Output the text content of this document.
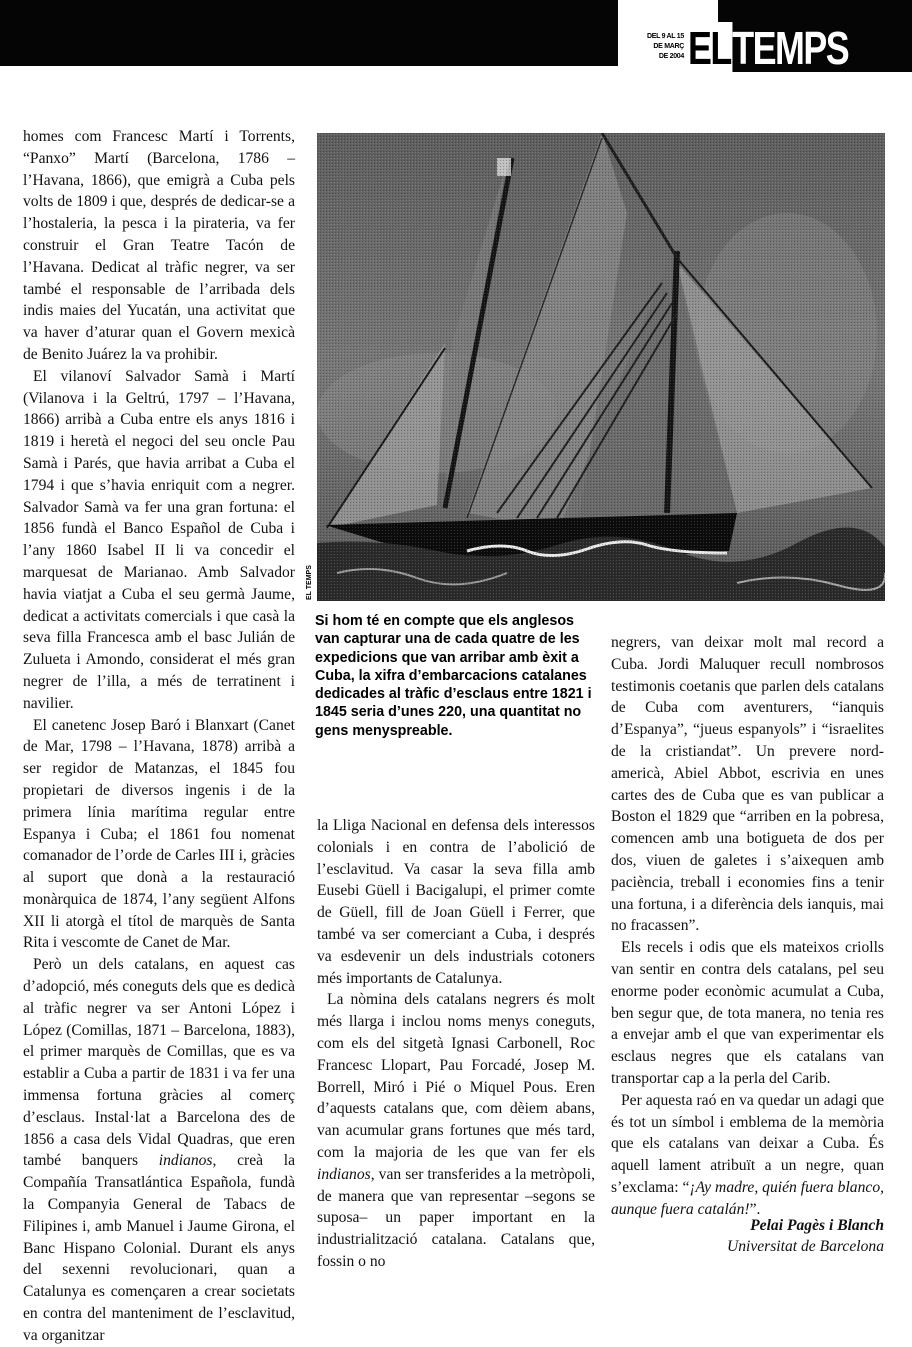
DEL 9 AL 15
DE MARÇ
DE 2004 ELTEMPS

homes com Francesc Martí i Torrents, “Panxo” Martí (Barcelona, 1786 – l’Havana, 1866), que emigrà a Cuba pels volts de 1809 i que, després de dedicar-se a l’hostaleria, la pesca i la pirateria, va fer construir el Gran Teatre Tacón de l’Havana. Dedicat al tràfic negrer, va ser també el responsable de l’arribada dels indis maies del Yucatán, una activitat que va haver d’aturar quan el Govern mexicà de Benito Juárez la va prohibir.

El vilanoví Salvador Samà i Martí (Vilanova i la Geltrú, 1797 – l’Havana, 1866) arribà a Cuba entre els anys 1816 i 1819 i heretà el negoci del seu oncle Pau Samà i Parés, que havia arribat a Cuba el 1794 i que s’havia enriquit com a negrer. Salvador Samà va fer una gran fortuna: el 1856 fundà el Banco Español de Cuba i l’any 1860 Isabel II li va concedir el marquesat de Marianao. Amb Salvador havia viatjat a Cuba el seu germà Jaume, dedicat a activitats comercials i que casà la seva filla Francesca amb el basc Julián de Zulueta i Amondo, considerat el més gran negrer de l’illa, a més de terratinent i navilier.

El canetenc Josep Baró i Blanxart (Canet de Mar, 1798 – l’Havana, 1878) arribà a ser regidor de Matanzas, el 1845 fou propietari de diversos ingenis i de la primera línia marítima regular entre Espanya i Cuba; el 1861 fou nomenat comanador de l’orde de Carles III i, gràcies al suport que donà a la restauració monàrquica de 1874, l’any següent Alfons XII li atorgà el títol de marquès de Santa Rita i vescomte de Canet de Mar.

Però un dels catalans, en aquest cas d’adopció, més coneguts dels que es dedicà al tràfic negrer va ser Antoni López i López (Comillas, 1871 – Barcelona, 1883), el primer marquès de Comillas, que es va establir a Cuba a partir de 1831 i va fer una immensa fortuna gràcies al comerç d’esclaus. Instal·lat a Barcelona des de 1856 a casa dels Vidal Quadras, que eren també banquers indianos, creà la Compañía Transatlántica Española, fundà la Companyia General de Tabacs de Filipines i, amb Manuel i Jaume Girona, el Banc Hispano Colonial. Durant els anys del sexenni revolucionari, quan a Catalunya es començaren a crear societats en contra del manteniment de l’esclavitud, va organitzar

EL TEMPS
Si hom té en compte que els anglesos van capturar una de cada quatre de les expedicions que van arribar amb èxit a Cuba, la xifra d’embarcacions catalanes dedicades al tràfic d’esclaus entre 1821 i 1845 seria d’unes 220, una quantitat no gens menyspreable.

la Lliga Nacional en defensa dels interessos colonials i en contra de l’abolició de l’esclavitud. Va casar la seva filla amb Eusebi Güell i Bacigalupi, el primer comte de Güell, fill de Joan Güell i Ferrer, que també va ser comerciant a Cuba, i després va esdevenir un dels industrials cotoners més importants de Catalunya.

La nòmina dels catalans negrers és molt més llarga i inclou noms menys coneguts, com els del sitgetà Ignasi Carbonell, Roc Francesc Llopart, Pau Forcadé, Josep M. Borrell, Miró i Pié o Miquel Pous. Eren d’aquests catalans que, com dèiem abans, van acumular grans fortunes que més tard, com la majoria de les que van fer els indianos, van ser transferides a la metròpoli, de manera que van representar –segons se suposa– un paper important en la industrialització catalana. Catalans que, fossin o no

negrers, van deixar molt mal record a Cuba. Jordi Maluquer recull nombrosos testimonis coetanis que parlen dels catalans de Cuba com aventurers, “ianquis d’Espanya”, “jueus espanyols” i “israelites de la cristiandat”. Un prevere nord-americà, Abiel Abbot, escrivia en unes cartes des de Cuba que es van publicar a Boston el 1829 que “arriben en la pobresa, comencen amb una botigueta de dos per dos, viuen de galetes i s’aixequen amb paciència, treball i economies fins a tenir una fortuna, i a diferència dels ianquis, mai no fracassen”.

Els recels i odis que els mateixos criolls van sentir en contra dels catalans, pel seu enorme poder econòmic acumulat a Cuba, ben segur que, de tota manera, no tenia res a envejar amb el que van experimentar els esclaus negres que els catalans van transportar cap a la perla del Carib.

Per aquesta raó en va quedar un adagi que és tot un símbol i emblema de la memòria que els catalans van deixar a Cuba. És aquell lament atribuït a un negre, quan s’exclama: “¡Ay madre, quién fuera blanco, aunque fuera catalán!”.

Pelai Pagès i Blanch
Universitat de Barcelona
